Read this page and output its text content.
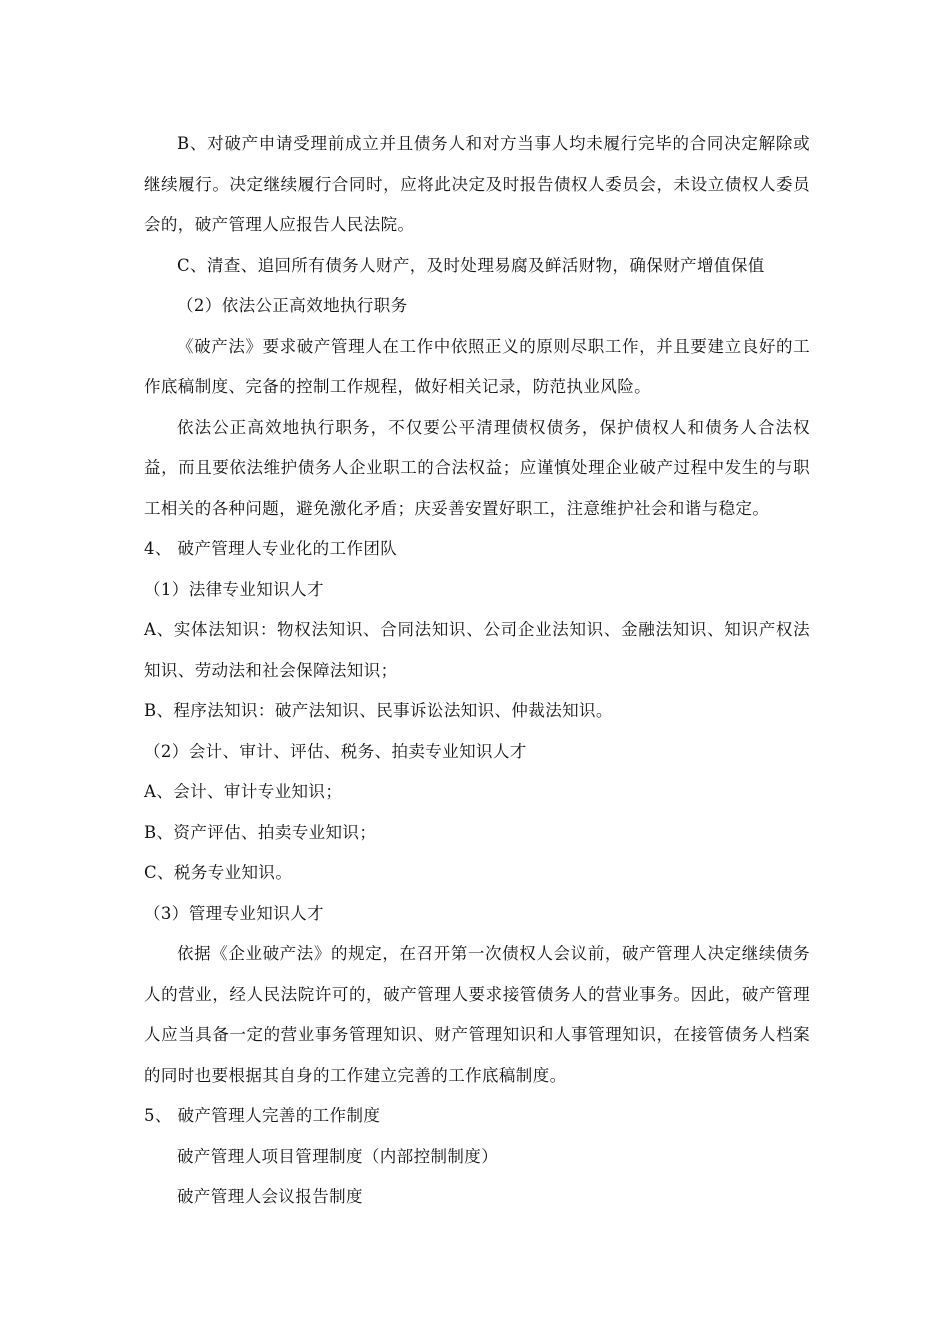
B、对破产申请受理前成立并且债务人和对方当事人均未履行完毕的合同决定解除或继续履行。决定继续履行合同时，应将此决定及时报告债权人委员会，未设立债权人委员会的，破产管理人应报告人民法院。

C、清查、追回所有债务人财产，及时处理易腐及鲜活财物，确保财产增值保值

（2）依法公正高效地执行职务

《破产法》要求破产管理人在工作中依照正义的原则尽职工作，并且要建立良好的工作底稿制度、完备的控制工作规程，做好相关记录，防范执业风险。

依法公正高效地执行职务，不仅要公平清理债权债务，保护债权人和债务人合法权益，而且要依法维护债务人企业职工的合法权益；应谨慎处理企业破产过程中发生的与职工相关的各种问题，避免激化矛盾；庆妥善安置好职工，注意维护社会和谐与稳定。

4、 破产管理人专业化的工作团队

（1）法律专业知识人才

A、实体法知识：物权法知识、合同法知识、公司企业法知识、金融法知识、知识产权法知识、劳动法和社会保障法知识；

B、程序法知识：破产法知识、民事诉讼法知识、仲裁法知识。

（2）会计、审计、评估、税务、拍卖专业知识人才

A、会计、审计专业知识；

B、资产评估、拍卖专业知识；

C、税务专业知识。

（3）管理专业知识人才

依据《企业破产法》的规定，在召开第一次债权人会议前，破产管理人决定继续债务人的营业，经人民法院许可的，破产管理人要求接管债务人的营业事务。因此，破产管理人应当具备一定的营业事务管理知识、财产管理知识和人事管理知识，在接管债务人档案的同时也要根据其自身的工作建立完善的工作底稿制度。

5、 破产管理人完善的工作制度

破产管理人项目管理制度（内部控制制度）

破产管理人会议报告制度
